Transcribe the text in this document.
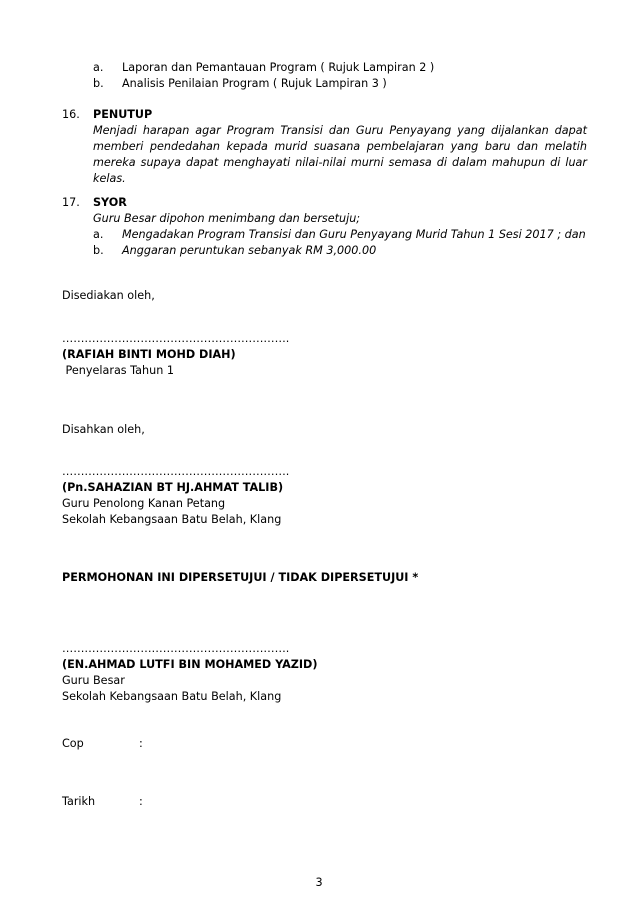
a. Laporan dan Pemantauan Program ( Rujuk Lampiran 2 )
b. Analisis Penilaian Program ( Rujuk Lampiran 3 )
16. PENUTUP
Menjadi harapan agar Program Transisi dan Guru Penyayang yang dijalankan dapat
memberi pendedahan kepada murid suasana pembelajaran yang baru dan melatih
mereka supaya dapat menghayati nilai-nilai murni semasa di dalam mahupun di luar
kelas.
17. SYOR
Guru Besar dipohon menimbang dan bersetuju;
a. Mengadakan Program Transisi dan Guru Penyayang Murid Tahun 1 Sesi 2017 ; dan
b. Anggaran peruntukan sebanyak RM 3,000.00
Disediakan oleh,
…………………………………………………….
(RAFIAH BINTI MOHD DIAH)
Penyelaras Tahun 1
Disahkan oleh,
…………………………………………………….
(Pn.SAHAZIAN BT HJ.AHMAT TALIB)
Guru Penolong Kanan Petang
Sekolah Kebangsaan Batu Belah, Klang
PERMOHONAN INI DIPERSETUJUI / TIDAK DIPERSETUJUI *
…………………………………………………….
(EN.AHMAD LUTFI BIN MOHAMED YAZID)
Guru Besar
Sekolah Kebangsaan Batu Belah, Klang
Cop	:
Tarikh	:
3
